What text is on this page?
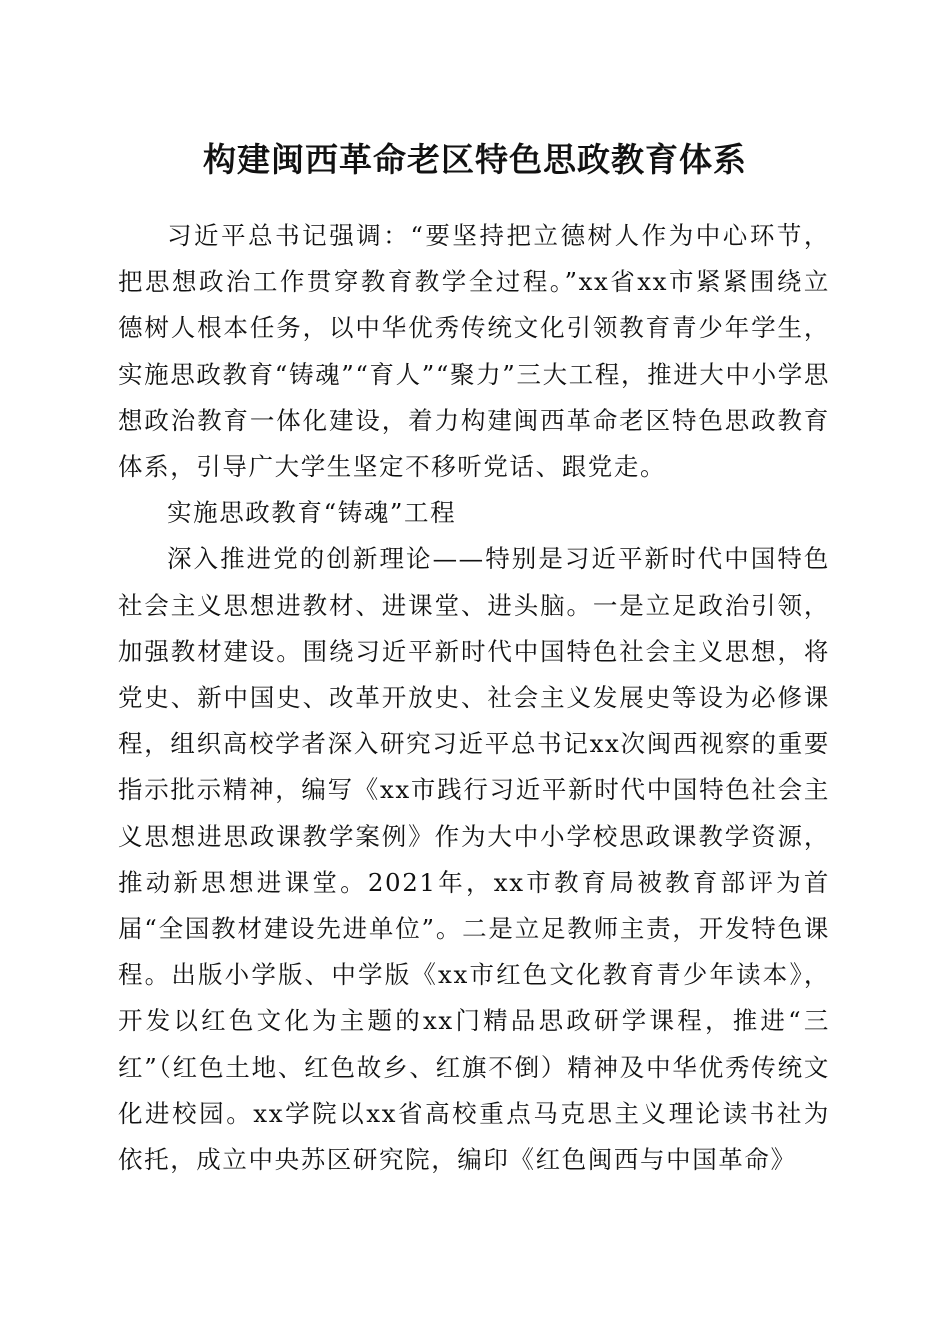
构建闽西革命老区特色思政教育体系

习近平总书记强调：“要坚持把立德树人作为中心环节，把思想政治工作贯穿教育教学全过程。”xx省xx市紧紧围绕立德树人根本任务，以中华优秀传统文化引领教育青少年学生，实施思政教育“铸魂”“育人”“聚力”三大工程，推进大中小学思想政治教育一体化建设，着力构建闽西革命老区特色思政教育体系，引导广大学生坚定不移听党话、跟党走。

实施思政教育“铸魂”工程

深入推进党的创新理论——特别是习近平新时代中国特色社会主义思想进教材、进课堂、进头脑。一是立足政治引领，加强教材建设。围绕习近平新时代中国特色社会主义思想，将党史、新中国史、改革开放史、社会主义发展史等设为必修课程，组织高校学者深入研究习近平总书记xx次闽西视察的重要指示批示精神，编写《xx市践行习近平新时代中国特色社会主义思想进思政课教学案例》作为大中小学校思政课教学资源，推动新思想进课堂。2021年，xx市教育局被教育部评为首届“全国教材建设先进单位”。二是立足教师主责，开发特色课程。出版小学版、中学版《xx市红色文化教育青少年读本》，开发以红色文化为主题的xx门精品思政研学课程，推进“三红”（红色土地、红色故乡、红旗不倒）精神及中华优秀传统文化进校园。xx学院以xx省高校重点马克思主义理论读书社为依托，成立中央苏区研究院，编印《红色闽西与中国革命》
